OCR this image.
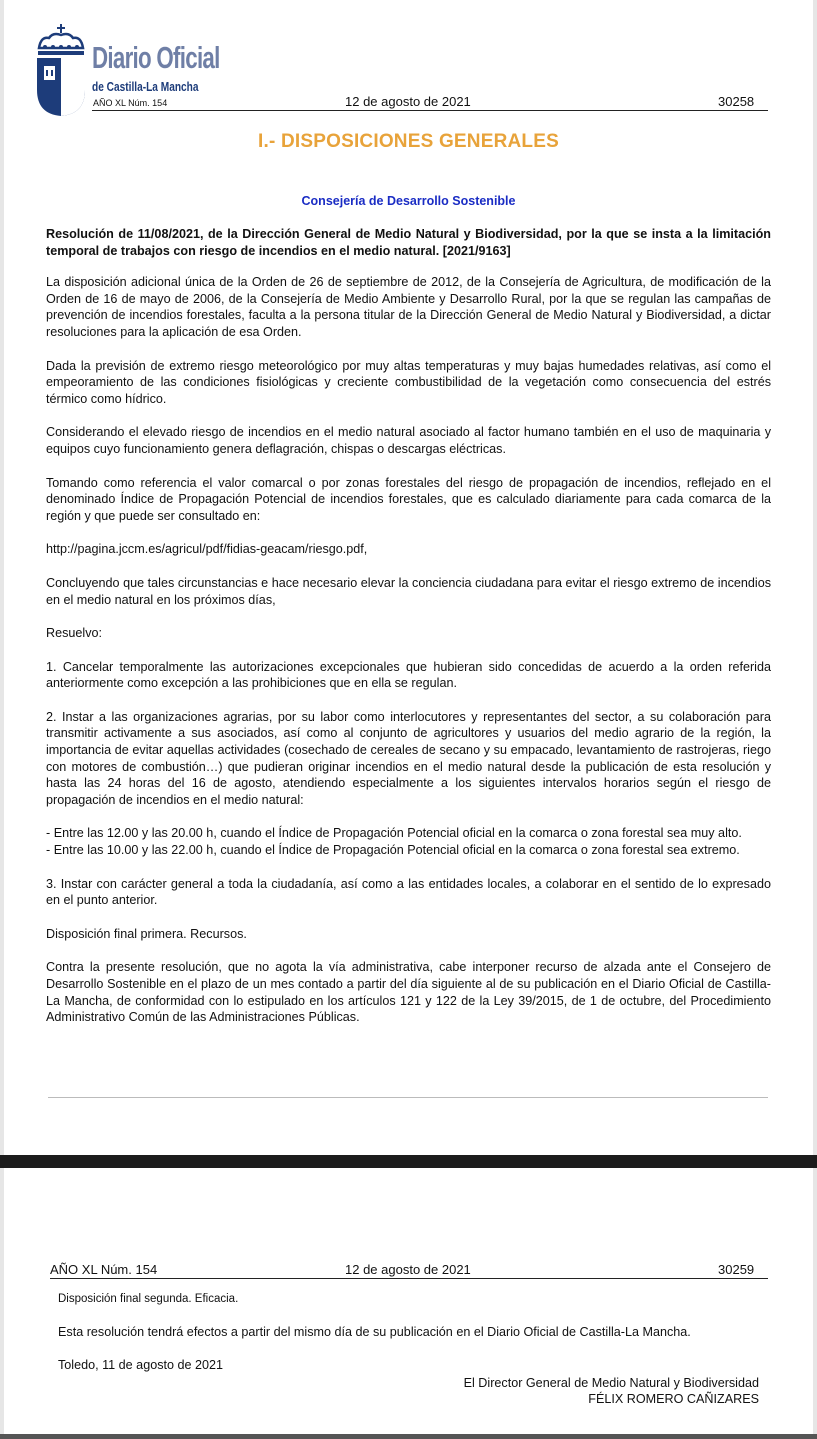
Diario Oficial
de Castilla-La Mancha
AÑO XL Núm. 154	12 de agosto de 2021	30258
I.- DISPOSICIONES GENERALES
Consejería de Desarrollo Sostenible

Resolución de 11/08/2021, de la Dirección General de Medio Natural y Biodiversidad, por la que se insta a la limitación temporal de trabajos con riesgo de incendios en el medio natural. [2021/9163]

La disposición adicional única de la Orden de 26 de septiembre de 2012, de la Consejería de Agricultura, de modificación de la Orden de 16 de mayo de 2006, de la Consejería de Medio Ambiente y Desarrollo Rural, por la que se regulan las campañas de prevención de incendios forestales, faculta a la persona titular de la Dirección General de Medio Natural y Biodiversidad, a dictar resoluciones para la aplicación de esa Orden.

Dada la previsión de extremo riesgo meteorológico por muy altas temperaturas y muy bajas humedades relativas, así como el empeoramiento de las condiciones fisiológicas y creciente combustibilidad de la vegetación como consecuencia del estrés térmico como hídrico.

Considerando el elevado riesgo de incendios en el medio natural asociado al factor humano también en el uso de maquinaria y equipos cuyo funcionamiento genera deflagración, chispas o descargas eléctricas.

Tomando como referencia el valor comarcal o por zonas forestales del riesgo de propagación de incendios, reflejado en el denominado Índice de Propagación Potencial de incendios forestales, que es calculado diariamente para cada comarca de la región y que puede ser consultado en:

http://pagina.jccm.es/agricul/pdf/fidias-geacam/riesgo.pdf,

Concluyendo que tales circunstancias e hace necesario elevar la conciencia ciudadana para evitar el riesgo extremo de incendios en el medio natural en los próximos días,

Resuelvo:

1. Cancelar temporalmente las autorizaciones excepcionales que hubieran sido concedidas de acuerdo a la orden referida anteriormente como excepción a las prohibiciones que en ella se regulan.

2. Instar a las organizaciones agrarias, por su labor como interlocutores y representantes del sector, a su colaboración para transmitir activamente a sus asociados, así como al conjunto de agricultores y usuarios del medio agrario de la región, la importancia de evitar aquellas actividades (cosechado de cereales de secano y su empacado, levantamiento de rastrojeras, riego con motores de combustión…) que pudieran originar incendios en el medio natural desde la publicación de esta resolución y hasta las 24 horas del 16 de agosto, atendiendo especialmente a los siguientes intervalos horarios según el riesgo de propagación de incendios en el medio natural:

- Entre las 12.00 y las 20.00 h, cuando el Índice de Propagación Potencial oficial en la comarca o zona forestal sea muy alto.

- Entre las 10.00 y las 22.00 h, cuando el Índice de Propagación Potencial oficial en la comarca o zona forestal sea extremo.

3. Instar con carácter general a toda la ciudadanía, así como a las entidades locales, a colaborar en el sentido de lo expresado en el punto anterior.

Disposición final primera. Recursos.

Contra la presente resolución, que no agota la vía administrativa, cabe interponer recurso de alzada ante el Consejero de Desarrollo Sostenible en el plazo de un mes contado a partir del día siguiente al de su publicación en el Diario Oficial de Castilla- La Mancha, de conformidad con lo estipulado en los artículos 121 y 122 de la Ley 39/2015, de 1 de octubre, del Procedimiento Administrativo Común de las Administraciones Públicas.

AÑO XL Núm. 154	12 de agosto de 2021	30259
Disposición final segunda. Eficacia.
Esta resolución tendrá efectos a partir del mismo día de su publicación en el Diario Oficial de Castilla-La Mancha.
Toledo, 11 de agosto de 2021
El Director General de Medio Natural y Biodiversidad
FÉLIX ROMERO CAÑIZARES
